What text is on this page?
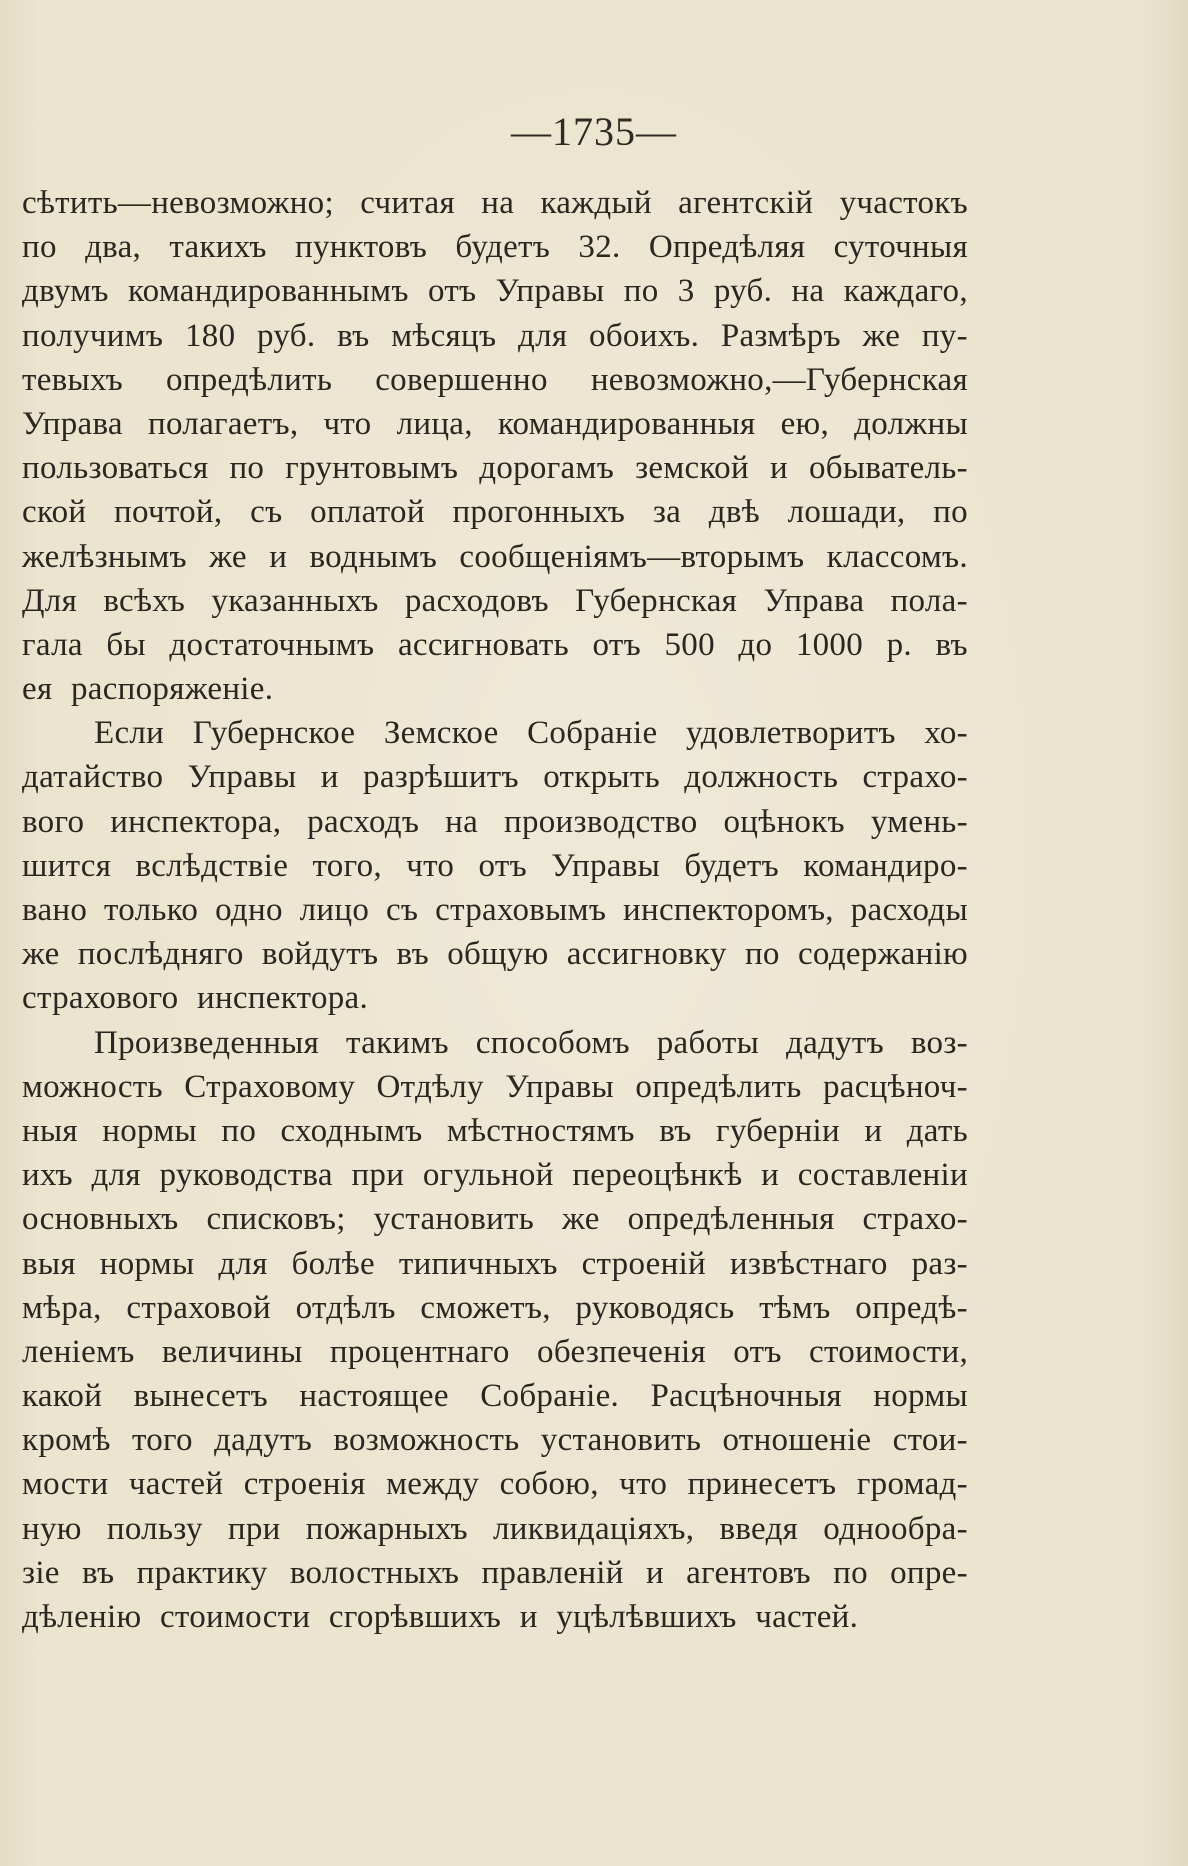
—1735—
сѣтить—невозможно; считая на каждый агентскій участокъ
по два, такихъ пунктовъ будетъ 32. Опредѣляя суточныя
двумъ командированнымъ отъ Управы по 3 руб. на каждаго,
получимъ 180 руб. въ мѣсяцъ для обоихъ. Размѣръ же пу-
тевыхъ опредѣлить совершенно невозможно,—Губернская
Управа полагаетъ, что лица, командированныя ею, должны
пользоваться по грунтовымъ дорогамъ земской и обыватель-
ской почтой, съ оплатой прогонныхъ за двѣ лошади, по
желѣзнымъ же и воднымъ сообщеніямъ—вторымъ классомъ.
Для всѣхъ указанныхъ расходовъ Губернская Управа пола-
гала бы достаточнымъ ассигновать отъ 500 до 1000 р. въ
ея распоряженіе.
Если Губернское Земское Собраніе удовлетворитъ хо-
датайство Управы и разрѣшитъ открыть должность страхо-
вого инспектора, расходъ на производство оцѣнокъ умень-
шится вслѣдствіе того, что отъ Управы будетъ командиро-
вано только одно лицо съ страховымъ инспекторомъ, расходы
же послѣдняго войдутъ въ общую ассигновку по содержанію
страхового инспектора.
Произведенныя такимъ способомъ работы дадутъ воз-
можность Страховому Отдѣлу Управы опредѣлить расцѣноч-
ныя нормы по сходнымъ мѣстностямъ въ губерніи и дать
ихъ для руководства при огульной переоцѣнкѣ и составленіи
основныхъ списковъ; установить же опредѣленныя страхо-
выя нормы для болѣе типичныхъ строеній извѣстнаго раз-
мѣра, страховой отдѣлъ сможетъ, руководясь тѣмъ опредѣ-
леніемъ величины процентнаго обезпеченія отъ стоимости,
какой вынесетъ настоящее Собраніе. Расцѣночныя нормы
кромѣ того дадутъ возможность установить отношеніе стои-
мости частей строенія между собою, что принесетъ громад-
ную пользу при пожарныхъ ликвидаціяхъ, введя однообра-
зіе въ практику волостныхъ правленій и агентовъ по опре-
дѣленію стоимости сгорѣвшихъ и уцѣлѣвшихъ частей.
